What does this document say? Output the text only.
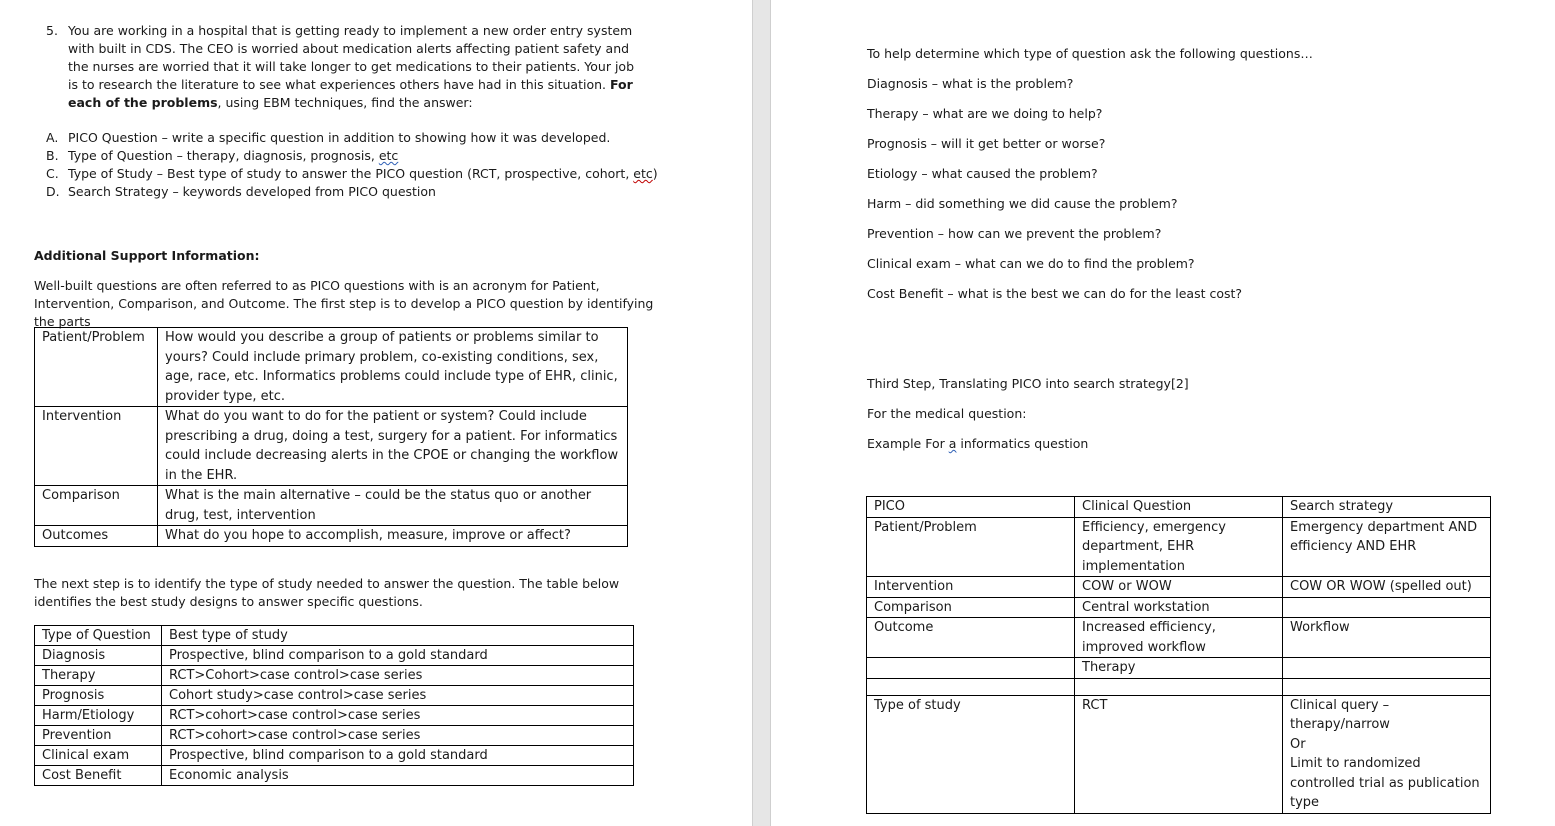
5. You are working in a hospital that is getting ready to implement a new order entry system with built in CDS. The CEO is worried about medication alerts affecting patient safety and the nurses are worried that it will take longer to get medications to their patients. Your job is to research the literature to see what experiences others have had in this situation. For each of the problems, using EBM techniques, find the answer:
A. PICO Question – write a specific question in addition to showing how it was developed.
B. Type of Question – therapy, diagnosis, prognosis, etc
C. Type of Study – Best type of study to answer the PICO question (RCT, prospective, cohort, etc)
D. Search Strategy – keywords developed from PICO question

Additional Support Information:

Well-built questions are often referred to as PICO questions with is an acronym for Patient, Intervention, Comparison, and Outcome. The first step is to develop a PICO question by identifying the parts

Patient/Problem	How would you describe a group of patients or problems similar to yours? Could include primary problem, co-existing conditions, sex, age, race, etc. Informatics problems could include type of EHR, clinic, provider type, etc.
Intervention	What do you want to do for the patient or system? Could include prescribing a drug, doing a test, surgery for a patient. For informatics could include decreasing alerts in the CPOE or changing the workflow in the EHR.
Comparison	What is the main alternative – could be the status quo or another drug, test, intervention
Outcomes	What do you hope to accomplish, measure, improve or affect?

The next step is to identify the type of study needed to answer the question. The table below identifies the best study designs to answer specific questions.

Type of Question	Best type of study
Diagnosis	Prospective, blind comparison to a gold standard
Therapy	RCT>Cohort>case control>case series
Prognosis	Cohort study>case control>case series
Harm/Etiology	RCT>cohort>case control>case series
Prevention	RCT>cohort>case control>case series
Clinical exam	Prospective, blind comparison to a gold standard
Cost Benefit	Economic analysis

To help determine which type of question ask the following questions…

Diagnosis – what is the problem?

Therapy – what are we doing to help?

Prognosis – will it get better or worse?

Etiology – what caused the problem?

Harm – did something we did cause the problem?

Prevention – how can we prevent the problem?

Clinical exam – what can we do to find the problem?

Cost Benefit – what is the best we can do for the least cost?

Third Step, Translating PICO into search strategy[2]

For the medical question:

Example For a informatics question

PICO	Clinical Question	Search strategy
Patient/Problem	Efficiency, emergency department, EHR implementation	Emergency department AND efficiency AND EHR
Intervention	COW or WOW	COW OR WOW (spelled out)
Comparison	Central workstation	
Outcome	Increased efficiency, improved workflow	Workflow
	Therapy	

Type of study	RCT	Clinical query – therapy/narrow
Or
Limit to randomized controlled trial as publication type
